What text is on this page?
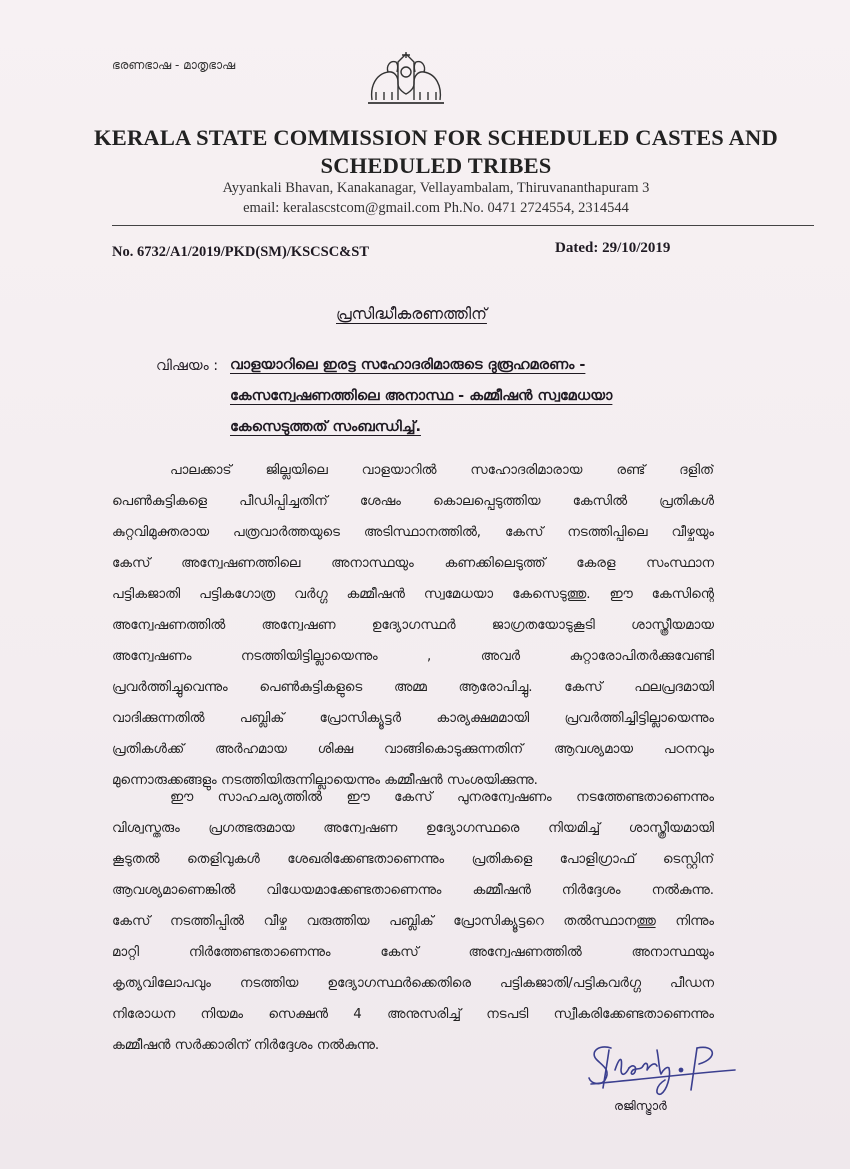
ഭരണഭാഷ - മാതൃഭാഷ
KERALA STATE COMMISSION FOR SCHEDULED CASTES AND
SCHEDULED TRIBES
Ayyankali Bhavan, Kanakanagar, Vellayambalam, Thiruvananthapuram 3
email: keralascstcom@gmail.com Ph.No. 0471 2724554, 2314544
No. 6732/A1/2019/PKD(SM)/KSCSC&ST	Dated: 29/10/2019
പ്രസിദ്ധീകരണത്തിന്
വിഷയം : വാളയാറിലെ ഇരട്ട സഹോദരിമാരുടെ ദുരൂഹമരണം -
കേസന്വേഷണത്തിലെ അനാസ്ഥ - കമ്മീഷൻ സ്വമേധയാ
കേസെടുത്തത് സംബന്ധിച്ച്.
പാലക്കാട് ജില്ലയിലെ വാളയാറിൽ സഹോദരിമാരായ രണ്ട് ദളിത്
പെൺകുട്ടികളെ പീഡിപ്പിച്ചതിന് ശേഷം കൊലപ്പെടുത്തിയ കേസിൽ പ്രതികൾ
കുറ്റവിമുക്തരായ പത്രവാർത്തയുടെ അടിസ്ഥാനത്തിൽ, കേസ് നടത്തിപ്പിലെ വീഴ്ചയും
കേസ് അന്വേഷണത്തിലെ അനാസ്ഥയും കണക്കിലെടുത്ത് കേരള സംസ്ഥാന
പട്ടികജാതി പട്ടികഗോത്ര വർഗ്ഗ കമ്മീഷൻ സ്വമേധയാ കേസെടുത്തു. ഈ കേസിന്റെ
അന്വേഷണത്തിൽ അന്വേഷണ ഉദ്യോഗസ്ഥർ ജാഗ്രതയോടുകൂടി ശാസ്ത്രീയമായ
അന്വേഷണം നടത്തിയിട്ടില്ലായെന്നും , അവർ കുറ്റാരോപിതർക്കുവേണ്ടി
പ്രവർത്തിച്ചുവെന്നും പെൺകുട്ടികളുടെ അമ്മ ആരോപിച്ചു. കേസ് ഫലപ്രദമായി
വാദിക്കുന്നതിൽ പബ്ലിക് പ്രോസിക്യൂട്ടർ കാര്യക്ഷമമായി പ്രവർത്തിച്ചിട്ടില്ലായെന്നും
പ്രതികൾക്ക് അർഹമായ ശിക്ഷ വാങ്ങികൊടുക്കുന്നതിന് ആവശ്യമായ പഠനവും
മുന്നൊരുക്കങ്ങളും നടത്തിയിരുന്നില്ലായെന്നും കമ്മീഷൻ സംശയിക്കുന്നു.
ഈ സാഹചര്യത്തിൽ ഈ കേസ് പുനരന്വേഷണം നടത്തേണ്ടതാണെന്നും
വിശ്വസ്തരും പ്രഗത്ഭരുമായ അന്വേഷണ ഉദ്യോഗസ്ഥരെ നിയമിച്ച് ശാസ്ത്രീയമായി
കൂടുതൽ തെളിവുകൾ ശേഖരിക്കേണ്ടതാണെന്നും പ്രതികളെ പോളിഗ്രാഫ് ടെസ്റ്റിന്
ആവശ്യമാണെങ്കിൽ വിധേയമാക്കേണ്ടതാണെന്നും കമ്മീഷൻ നിർദ്ദേശം നൽകുന്നു.
കേസ് നടത്തിപ്പിൽ വീഴ്ച വരുത്തിയ പബ്ലിക് പ്രോസിക്യൂട്ടറെ തൽസ്ഥാനത്തു നിന്നും
മാറ്റി നിർത്തേണ്ടതാണെന്നും കേസ് അന്വേഷണത്തിൽ അനാസ്ഥയും
കൃത്യവിലോപവും നടത്തിയ ഉദ്യോഗസ്ഥർക്കെതിരെ പട്ടികജാതി/പട്ടികവർഗ്ഗ പീഡന
നിരോധന നിയമം സെക്ഷൻ 4 അനുസരിച്ച് നടപടി സ്വീകരിക്കേണ്ടതാണെന്നും
കമ്മീഷൻ സർക്കാരിന് നിർദ്ദേശം നൽകുന്നു.
രജിസ്ട്രാർ
